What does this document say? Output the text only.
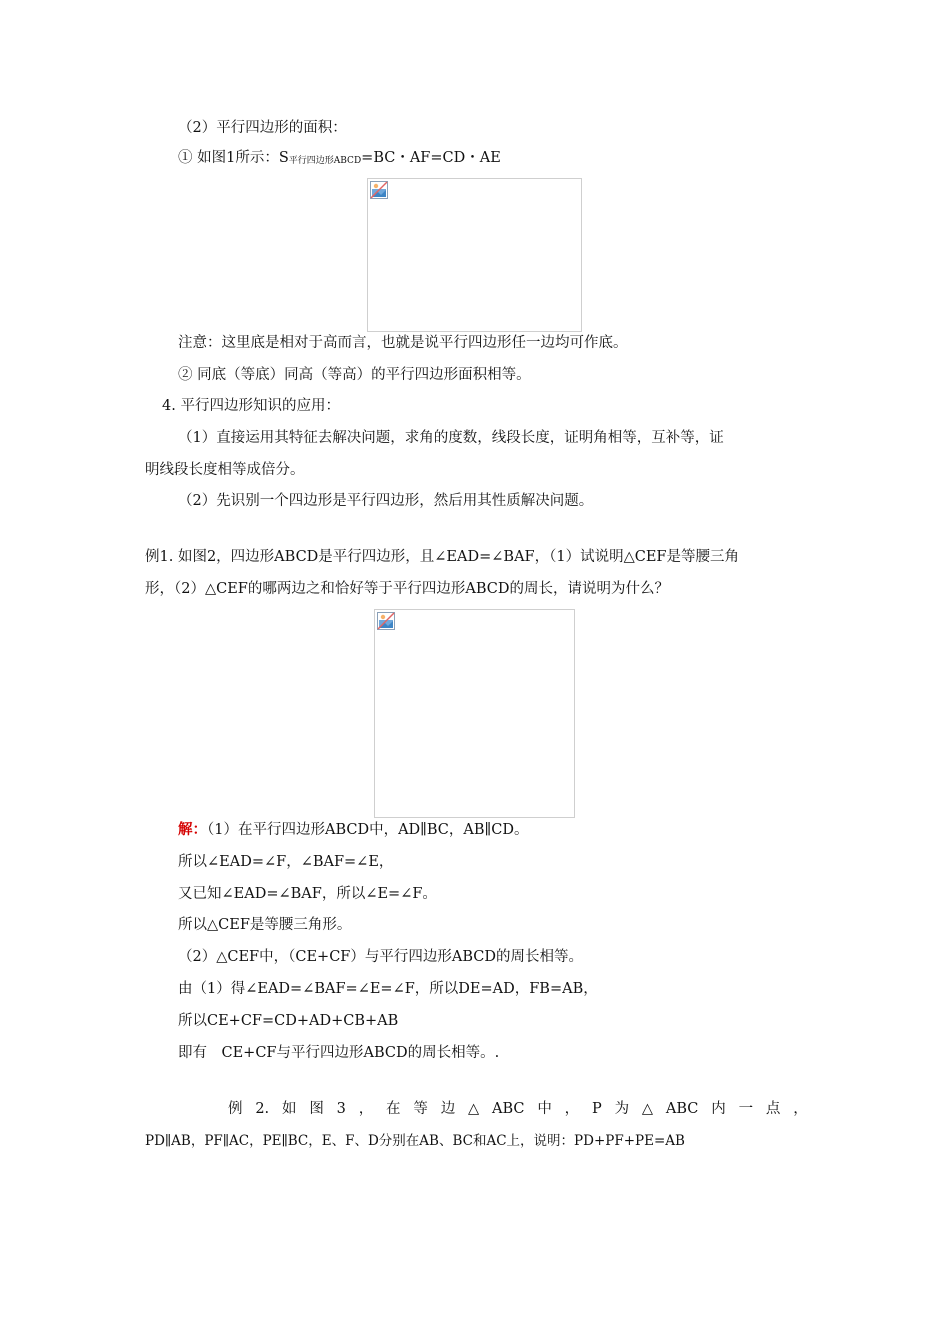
（2）平行四边形的面积：
① 如图1所示：S平行四边形ABCD=BC・AF=CD・AE
注意：这里底是相对于高而言，也就是说平行四边形任一边均可作底。
② 同底（等底）同高（等高）的平行四边形面积相等。
4. 平行四边形知识的应用：
（1）直接运用其特征去解决问题，求角的度数，线段长度，证明角相等，互补等，证
明线段长度相等成倍分。
（2）先识别一个四边形是平行四边形，然后用其性质解决问题。
例1. 如图2，四边形ABCD是平行四边形，且∠EAD=∠BAF，（1）试说明△CEF是等腰三角
形，（2）△CEF的哪两边之和恰好等于平行四边形ABCD的周长，请说明为什么？
解：（1）在平行四边形ABCD中，AD∥BC，AB∥CD。
所以∠EAD=∠F，∠BAF=∠E，
又已知∠EAD=∠BAF，所以∠E=∠F。
所以△CEF是等腰三角形。
（2）△CEF中，（CE+CF）与平行四边形ABCD的周长相等。
由（1）得∠EAD=∠BAF=∠E=∠F，所以DE=AD，FB=AB，
所以CE+CF=CD+AD+CB+AB
即有　CE+CF与平行四边形ABCD的周长相等。.
例 2. 如 图 3 ， 在 等 边 △ ABC 中 ， P 为 △ ABC 内 一 点 ，
PD∥AB，PF∥AC，PE∥BC，E、F、D分别在AB、BC和AC上，说明：PD+PF+PE=AB
